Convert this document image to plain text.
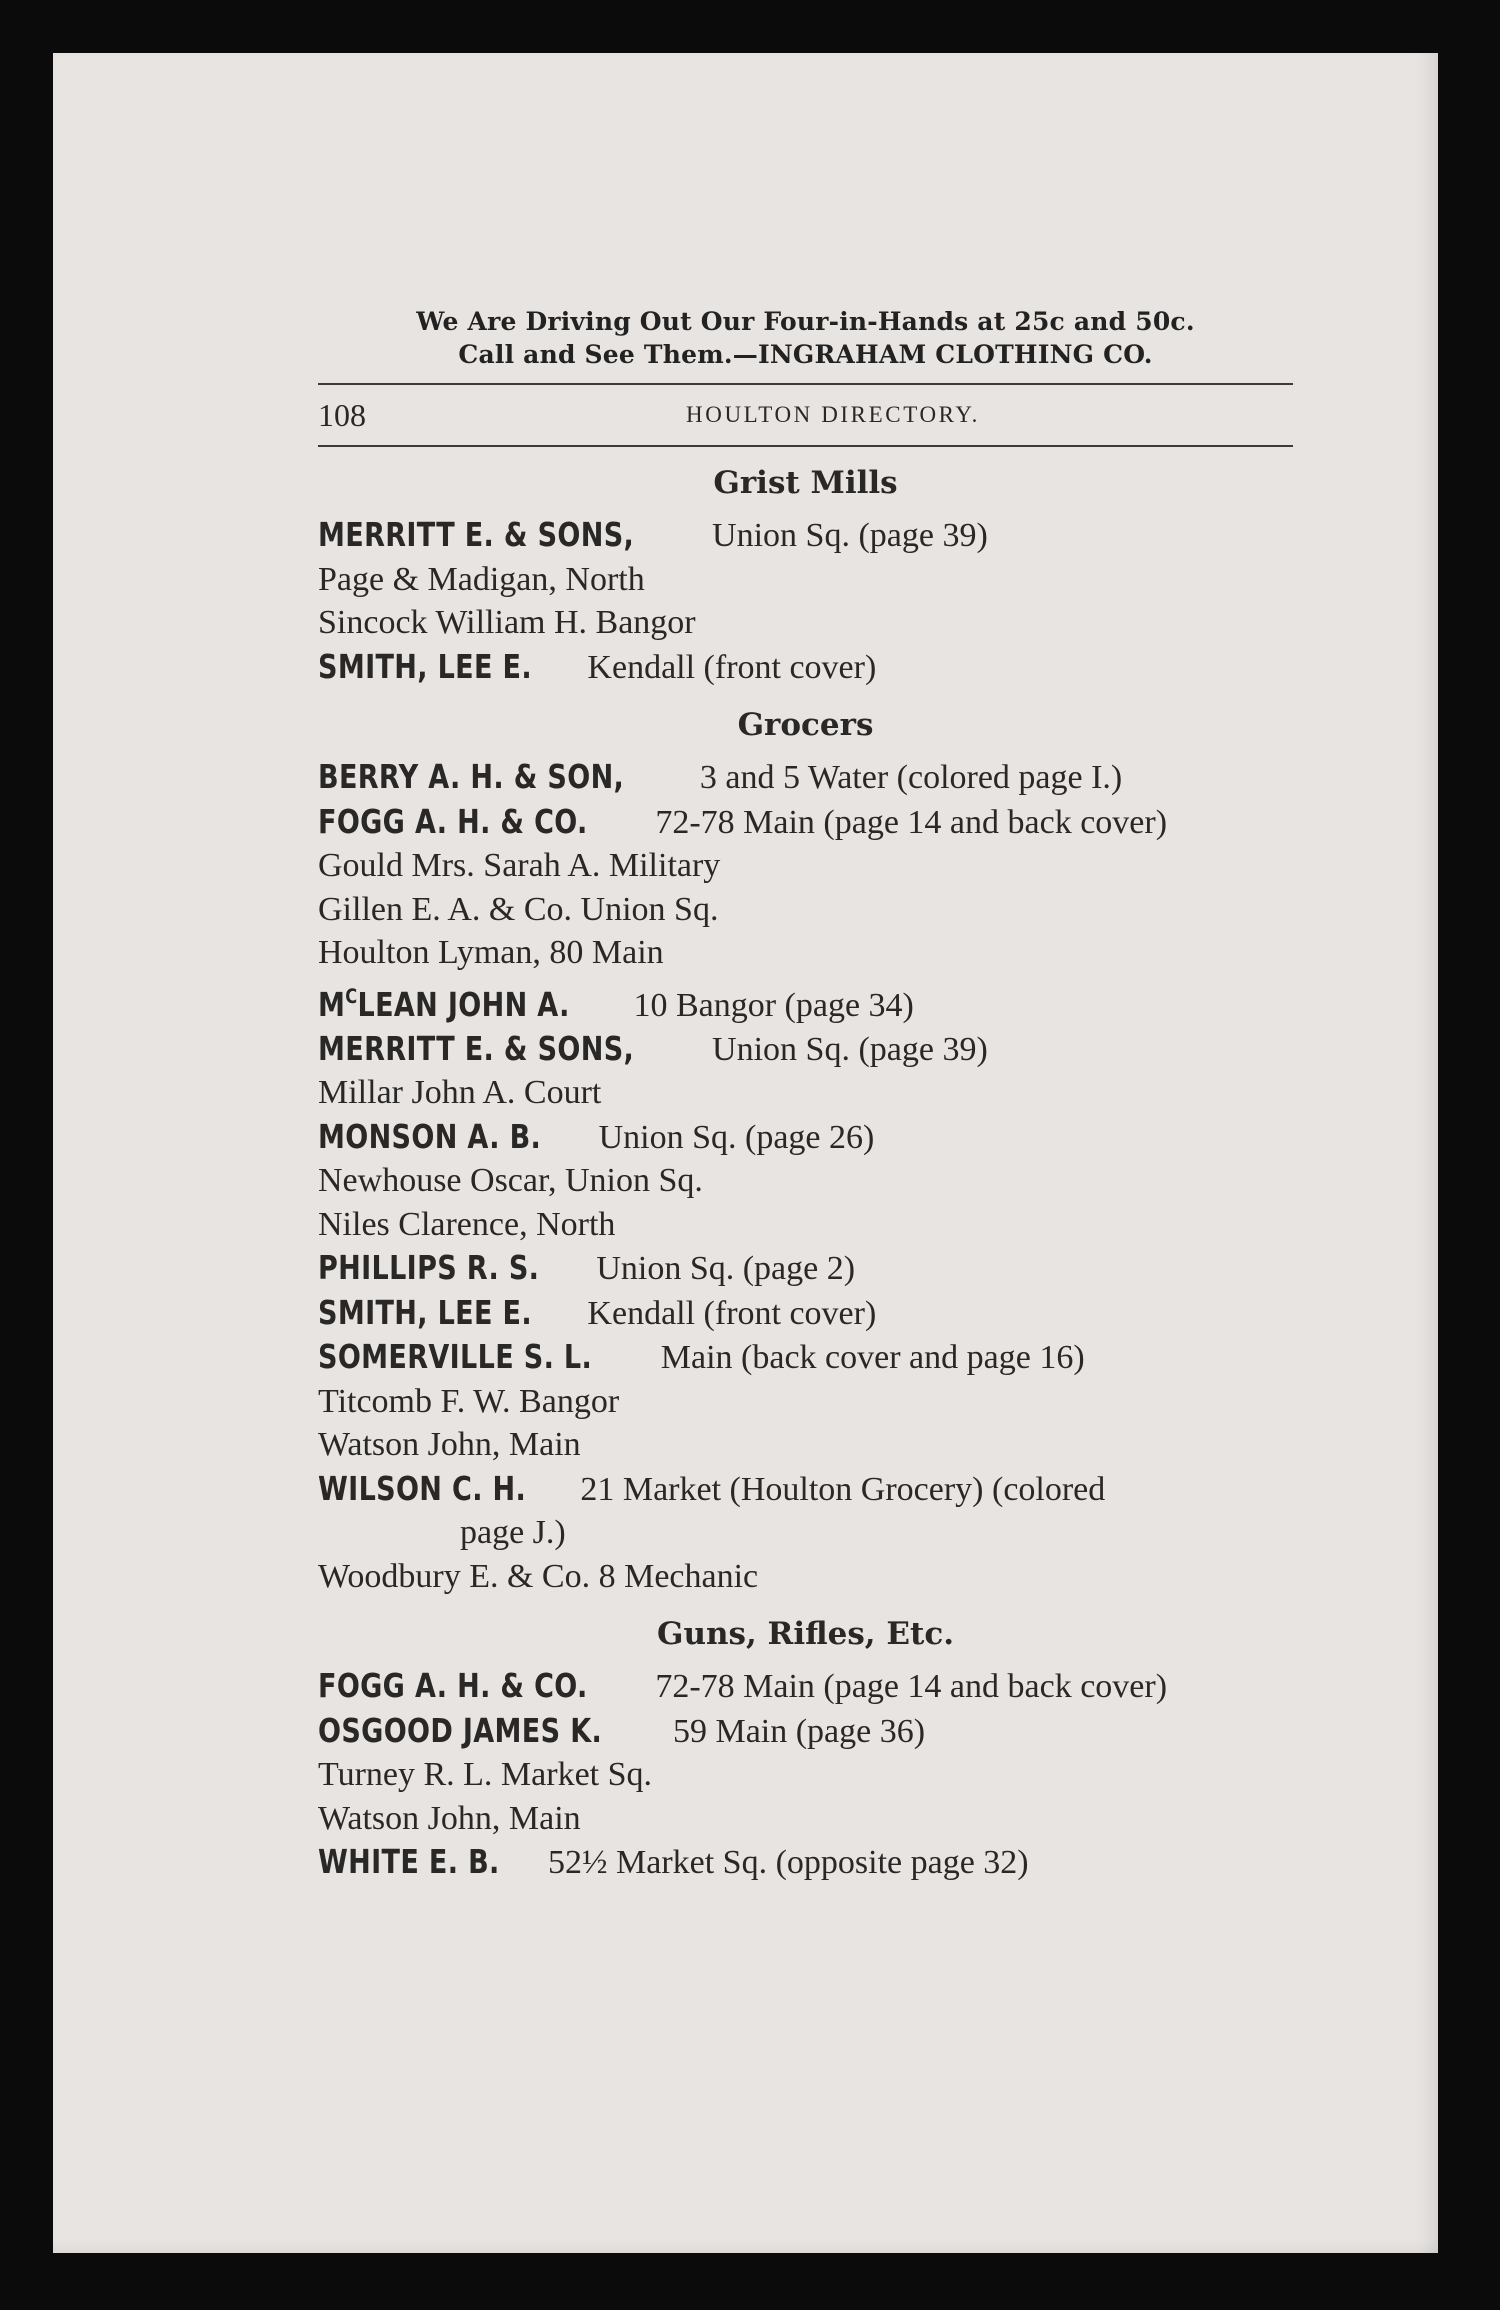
We Are Driving Out Our Four-in-Hands at 25c and 50c.
Call and See Them.—INGRAHAM CLOTHING CO.
108	HOULTON DIRECTORY.
Grist Mills
MERRITT E. & SONS, Union Sq. (page 39)
Page & Madigan, North
Sincock William H. Bangor
SMITH, LEE E. Kendall (front cover)
Grocers
BERRY A. H. & SON, 3 and 5 Water (colored page I.)
FOGG A. H. & CO. 72-78 Main (page 14 and back cover)
Gould Mrs. Sarah A. Military
Gillen E. A. & Co. Union Sq.
Houlton Lyman, 80 Main
$M^CLEAN$ JOHN A. 10 Bangor (page 34)
MERRITT E. & SONS, Union Sq. (page 39)
Millar John A. Court
MONSON A. B. Union Sq. (page 26)
Newhouse Oscar, Union Sq.
Niles Clarence, North
PHILLIPS R. S. Union Sq. (page 2)
SMITH, LEE E. Kendall (front cover)
SOMERVILLE S. L. Main (back cover and page 16)
Titcomb F. W. Bangor
Watson John, Main
WILSON C. H. 21 Market (Houlton Grocery) (colored
page J.)
Woodbury E. & Co. 8 Mechanic
Guns, Rifles, Etc.
FOGG A. H. & CO. 72-78 Main (page 14 and back cover)
OSGOOD JAMES K. 59 Main (page 36)
Turney R. L. Market Sq.
Watson John, Main
WHITE E. B. 52½ Market Sq. (opposite page 32)
